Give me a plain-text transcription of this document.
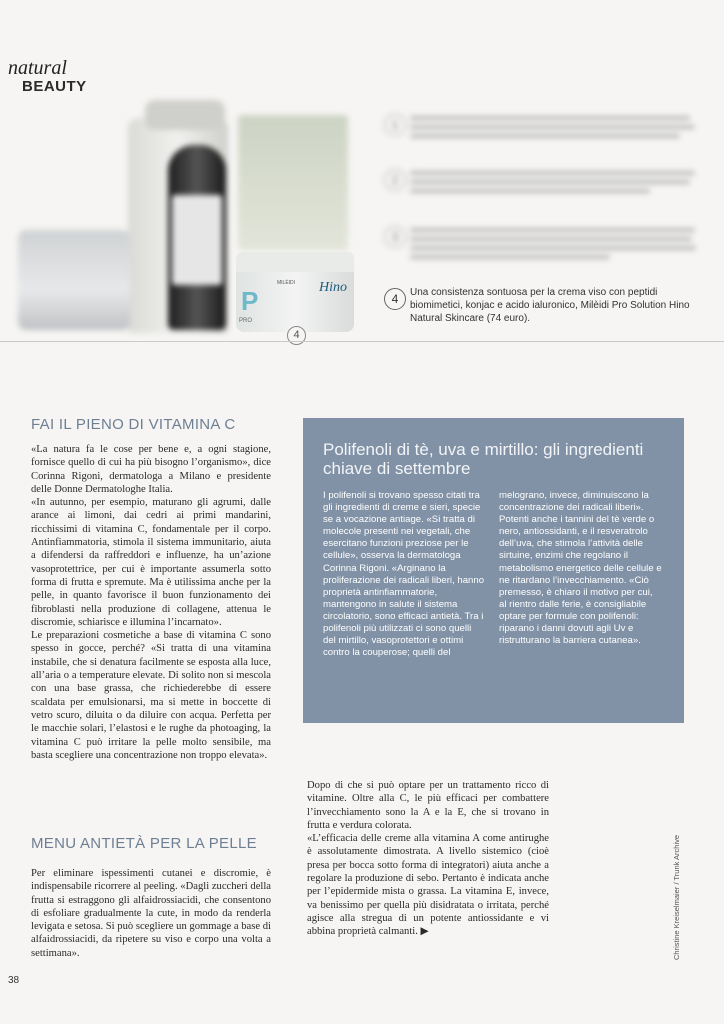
natural
BEAUTY
P
PRO
MILÈIDI	Hino
4
1
2
3
4	Una consistenza sontuosa per la crema viso con peptidi biomimetici, konjac e acido ialuronico, Milèidi Pro Solution Hino Natural Skincare (74 euro).
FAI IL PIENO DI VITAMINA C

«La natura fa le cose per bene e, a ogni stagione, fornisce quello di cui ha più bisogno l’organismo», dice Corinna Rigoni, dermatologa a Milano e presidente delle Donne Dermatologhe Italia.

«In autunno, per esempio, maturano gli agrumi, dalle arance ai limoni, dai cedri ai primi mandarini, ricchissimi di vitamina C, fondamentale per il corpo. Antinfiammatoria, stimola il sistema immunitario, aiuta a difendersi da raffreddori e influenze, ha un’azione vasoprotettrice, per cui è importante assumerla sotto forma di frutta e spremute. Ma è utilissima anche per la pelle, in quanto favorisce il buon funzionamento dei fibroblasti nella produzione di collagene, attenua le discromie, schiarisce e illumina l’incarnato».

Le preparazioni cosmetiche a base di vitamina C sono spesso in gocce, perché? «Si tratta di una vitamina instabile, che si denatura facilmente se esposta alla luce, all’aria o a temperature elevate. Di solito non si mescola con una base grassa, che richiederebbe di essere scaldata per emulsionarsi, ma si mette in boccette di vetro scuro, diluita o da diluire con acqua. Perfetta per le macchie solari, l’elastosi e le rughe da photoaging, la vitamina C può irritare la pelle molto sensibile, ma basta scegliere una concentrazione non troppo elevata».

MENU ANTIETÀ PER LA PELLE

Per eliminare ispessimenti cutanei e discromie, è indispensabile ricorrere al peeling. «Dagli zuccheri della frutta si estraggono gli alfaidrossiacidi, che consentono di esfoliare gradualmente la cute, in modo da renderla levigata e setosa. Si può scegliere un gommage a base di alfaidrossiacidi, da ripetere su viso e corpo una volta a settimana».

Polifenoli di tè, uva e mirtillo: gli ingredienti chiave di settembre
I polifenoli si trovano spesso citati tra gli ingredienti di creme e sieri, specie se a vocazione antiage. «Si tratta di molecole presenti nei vegetali, che esercitano funzioni preziose per le cellule», osserva la dermatologa Corinna Rigoni. «Arginano la proliferazione dei radicali liberi, hanno proprietà antinfiammatorie, mantengono in salute il sistema circolatorio, sono efficaci antietà. Tra i polifenoli più utilizzati ci sono quelli del mirtillo, vasoprotettori e ottimi contro la couperose; quelli del
melograno, invece, diminuiscono la concentrazione dei radicali liberi». Potenti anche i tannini del tè verde o nero, antiossidanti, e il resveratrolo dell’uva, che stimola l’attività delle sirtuine, enzimi che regolano il metabolismo energetico delle cellule e ne ritardano l’invecchiamento. «Ciò premesso, è chiaro il motivo per cui, al rientro dalle ferie, è consigliabile optare per formule con polifenoli: riparano i danni dovuti agli Uv e ristrutturano la barriera cutanea».

Dopo di che si può optare per un trattamento ricco di vitamine. Oltre alla C, le più efficaci per combattere l’invecchiamento sono la A e la E, che si trovano in frutta e verdura colorata.

«L’efficacia delle creme alla vitamina A come antirughe è assolutamente dimostrata. A livello sistemico (cioè presa per bocca sotto forma di integratori) aiuta anche a regolare la produzione di sebo. Pertanto è indicata anche per l’epidermide mista o grassa. La vitamina E, invece, va benissimo per quella più disidratata o irritata, perché agisce alla stregua di un potente antiossidante e vi abbina proprietà calmanti. ▶	Christine Kreiselmaier / Trunk Archive
38
